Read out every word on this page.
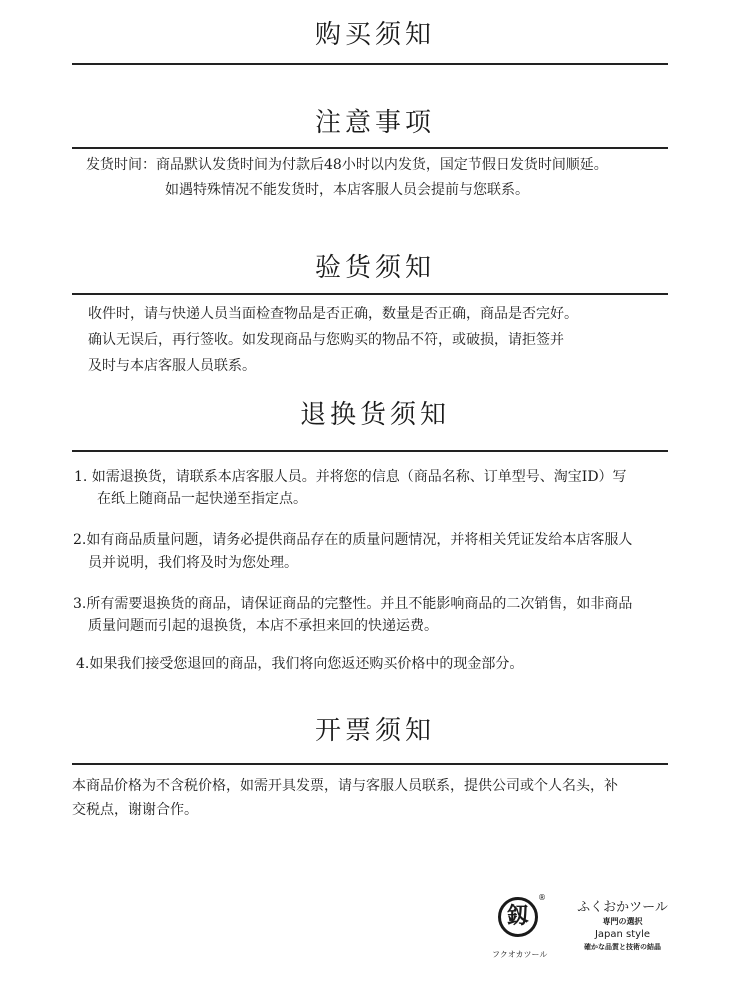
购买须知
注意事项

发货时间：商品默认发货时间为付款后48小时以内发货，国定节假日发货时间顺延。

如遇特殊情况不能发货时，本店客服人员会提前与您联系。

验货须知

收件时，请与快递人员当面检查物品是否正确，数量是否正确，商品是否完好。

确认无误后，再行签收。如发现商品与您购买的物品不符，或破损，请拒签并

及时与本店客服人员联系。

退换货须知

1. 如需退换货，请联系本店客服人员。并将您的信息（商品名称、订单型号、淘宝ID）写

在纸上随商品一起快递至指定点。

2.如有商品质量问题，请务必提供商品存在的质量问题情况，并将相关凭证发给本店客服人

员并说明，我们将及时为您处理。

3.所有需要退换货的商品，请保证商品的完整性。并且不能影响商品的二次销售，如非商品

质量问题而引起的退换货，本店不承担来回的快递运费。

4.如果我们接受您退回的商品，我们将向您返还购买价格中的现金部分。

开票须知

本商品价格为不含税价格，如需开具发票，请与客服人员联系，提供公司或个人名头，补

交税点，谢谢合作。

釼
®
フクオカツール
ふくおかツール
専門の選択
Japan style
確かな品質と技術の結晶
